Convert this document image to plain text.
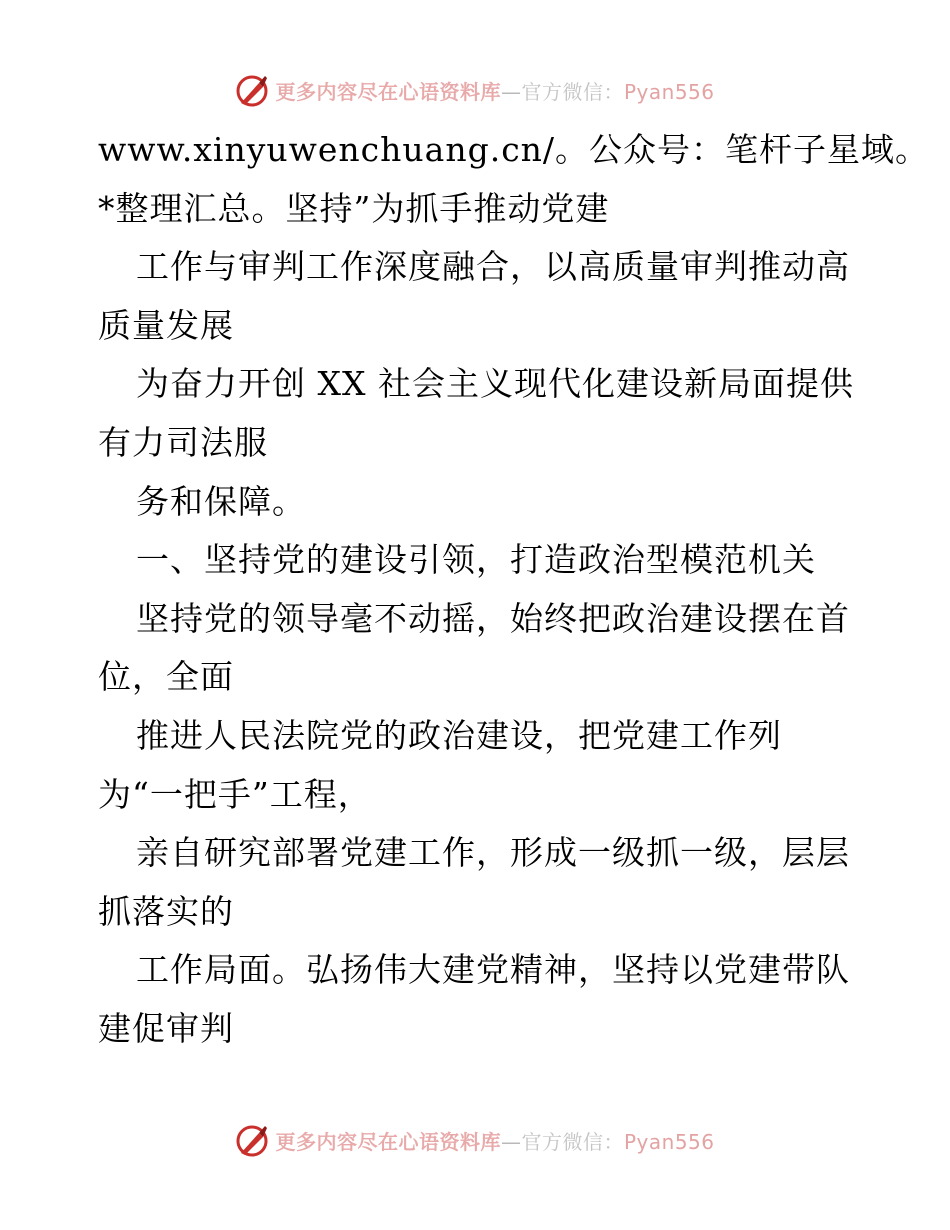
更多内容尽在心语资料库—官方微信：Pyan556
www.xinyuwenchuang.cn/。公众号：笔杆子星域。
*整理汇总。坚持”为抓手推动党建
工作与审判工作深度融合，以高质量审判推动高
质量发展
为奋力开创 XX 社会主义现代化建设新局面提供
有力司法服
务和保障。
一、坚持党的建设引领，打造政治型模范机关
坚持党的领导毫不动摇，始终把政治建设摆在首
位，全面
推进人民法院党的政治建设，把党建工作列
为“一把手”工程，
亲自研究部署党建工作，形成一级抓一级，层层
抓落实的
工作局面。弘扬伟大建党精神，坚持以党建带队
建促审判
更多内容尽在心语资料库—官方微信：Pyan556
